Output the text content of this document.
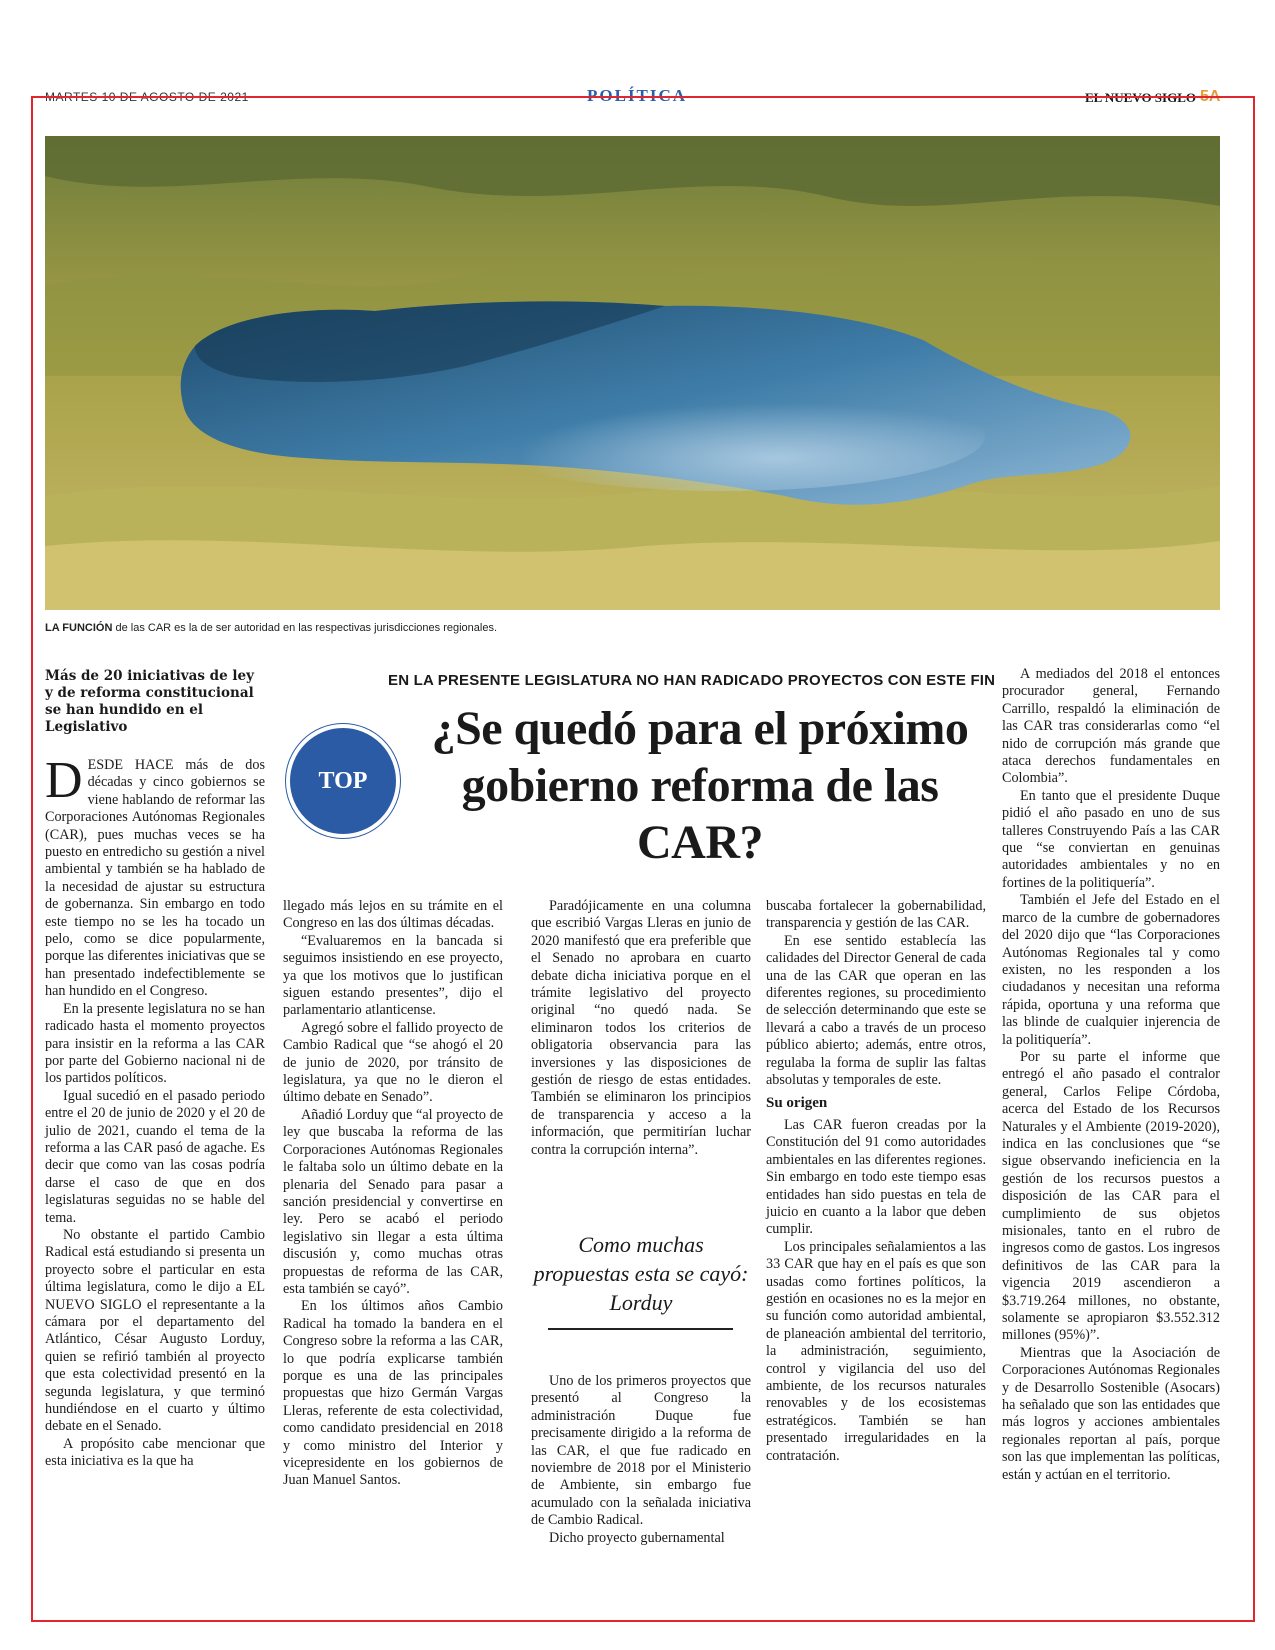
MARTES 10 DE AGOSTO DE 2021	POLÍTICA	EL NUEVO SIGLO 5A
LA FUNCIÓN de las CAR es la de ser autoridad en las respectivas jurisdicciones regionales.
Más de 20 iniciativas de ley y de reforma constitucional se han hundido en el Legislativo

DESDE HACE más de dos décadas y cinco gobiernos se viene hablando de reformar las Corporaciones Autónomas Regionales (CAR), pues muchas veces se ha puesto en entredicho su gestión a nivel ambiental y también se ha hablado de la necesidad de ajustar su estructura de gobernanza. Sin embargo en todo este tiempo no se les ha tocado un pelo, como se dice popularmente, porque las diferentes iniciativas que se han presentado indefectiblemente se han hundido en el Congreso.

En la presente legislatura no se han radicado hasta el momento proyectos para insistir en la reforma a las CAR por parte del Gobierno nacional ni de los partidos políticos.

Igual sucedió en el pasado periodo entre el 20 de junio de 2020 y el 20 de julio de 2021, cuando el tema de la reforma a las CAR pasó de agache. Es decir que como van las cosas podría darse el caso de que en dos legislaturas seguidas no se hable del tema.

No obstante el partido Cambio Radical está estudiando si presenta un proyecto sobre el particular en esta última legislatura, como le dijo a EL NUEVO SIGLO el representante a la cámara por el departamento del Atlántico, César Augusto Lorduy, quien se refirió también al proyecto que esta colectividad presentó en la segunda legislatura, y que terminó hundiéndose en el cuarto y último debate en el Senado.

A propósito cabe mencionar que esta iniciativa es la que ha

EN LA PRESENTE LEGISLATURA NO HAN RADICADO PROYECTOS CON ESTE FIN
¿Se quedó para el próximo gobierno reforma de las CAR?
TOP

llegado más lejos en su trámite en el Congreso en las dos últimas décadas.

“Evaluaremos en la bancada si seguimos insistiendo en ese proyecto, ya que los motivos que lo justifican siguen estando presentes”, dijo el parlamentario atlanticense.

Agregó sobre el fallido proyecto de Cambio Radical que “se ahogó el 20 de junio de 2020, por tránsito de legislatura, ya que no le dieron el último debate en Senado”.

Añadió Lorduy que “al proyecto de ley que buscaba la reforma de las Corporaciones Autónomas Regionales le faltaba solo un último debate en la plenaria del Senado para pasar a sanción presidencial y convertirse en ley. Pero se acabó el periodo legislativo sin llegar a esta última discusión y, como muchas otras propuestas de reforma de las CAR, esta también se cayó”.

En los últimos años Cambio Radical ha tomado la bandera en el Congreso sobre la reforma a las CAR, lo que podría explicarse también porque es una de las principales propuestas que hizo Germán Vargas Lleras, referente de esta colectividad, como candidato presidencial en 2018 y como ministro del Interior y vicepresidente en los gobiernos de Juan Manuel Santos.

Paradójicamente en una columna que escribió Vargas Lleras en junio de 2020 manifestó que era preferible que el Senado no aprobara en cuarto debate dicha iniciativa porque en el trámite legislativo del proyecto original “no quedó nada. Se eliminaron todos los criterios de obligatoria observancia para las inversiones y las disposiciones de gestión de riesgo de estas entidades. También se eliminaron los principios de transparencia y acceso a la información, que permitirían luchar contra la corrupción interna”.

Como muchas propuestas esta se cayó: Lorduy

Uno de los primeros proyectos que presentó al Congreso la administración Duque fue precisamente dirigido a la reforma de las CAR, el que fue radicado en noviembre de 2018 por el Ministerio de Ambiente, sin embargo fue acumulado con la señalada iniciativa de Cambio Radical.

Dicho proyecto gubernamental

buscaba fortalecer la gobernabilidad, transparencia y gestión de las CAR.

En ese sentido establecía las calidades del Director General de cada una de las CAR que operan en las diferentes regiones, su procedimiento de selección determinando que este se llevará a cabo a través de un proceso público abierto; además, entre otros, regulaba la forma de suplir las faltas absolutas y temporales de este.

Su origen

Las CAR fueron creadas por la Constitución del 91 como autoridades ambientales en las diferentes regiones. Sin embargo en todo este tiempo esas entidades han sido puestas en tela de juicio en cuanto a la labor que deben cumplir.

Los principales señalamientos a las 33 CAR que hay en el país es que son usadas como fortines políticos, la gestión en ocasiones no es la mejor en su función como autoridad ambiental, de planeación ambiental del territorio, la administración, seguimiento, control y vigilancia del uso del ambiente, de los recursos naturales renovables y de los ecosistemas estratégicos. También se han presentado irregularidades en la contratación.

A mediados del 2018 el entonces procurador general, Fernando Carrillo, respaldó la eliminación de las CAR tras considerarlas como “el nido de corrupción más grande que ataca derechos fundamentales en Colombia”.

En tanto que el presidente Duque pidió el año pasado en uno de sus talleres Construyendo País a las CAR que “se conviertan en genuinas autoridades ambientales y no en fortines de la politiquería”.

También el Jefe del Estado en el marco de la cumbre de gobernadores del 2020 dijo que “las Corporaciones Autónomas Regionales tal y como existen, no les responden a los ciudadanos y necesitan una reforma rápida, oportuna y una reforma que las blinde de cualquier injerencia de la politiquería”.

Por su parte el informe que entregó el año pasado el contralor general, Carlos Felipe Córdoba, acerca del Estado de los Recursos Naturales y el Ambiente (2019-2020), indica en las conclusiones que “se sigue observando ineficiencia en la gestión de los recursos puestos a disposición de las CAR para el cumplimiento de sus objetos misionales, tanto en el rubro de ingresos como de gastos. Los ingresos definitivos de las CAR para la vigencia 2019 ascendieron a $3.719.264 millones, no obstante, solamente se apropiaron $3.552.312 millones (95%)”.

Mientras que la Asociación de Corporaciones Autónomas Regionales y de Desarrollo Sostenible (Asocars) ha señalado que son las entidades que más logros y acciones ambientales regionales reportan al país, porque son las que implementan las políticas, están y actúan en el territorio.
